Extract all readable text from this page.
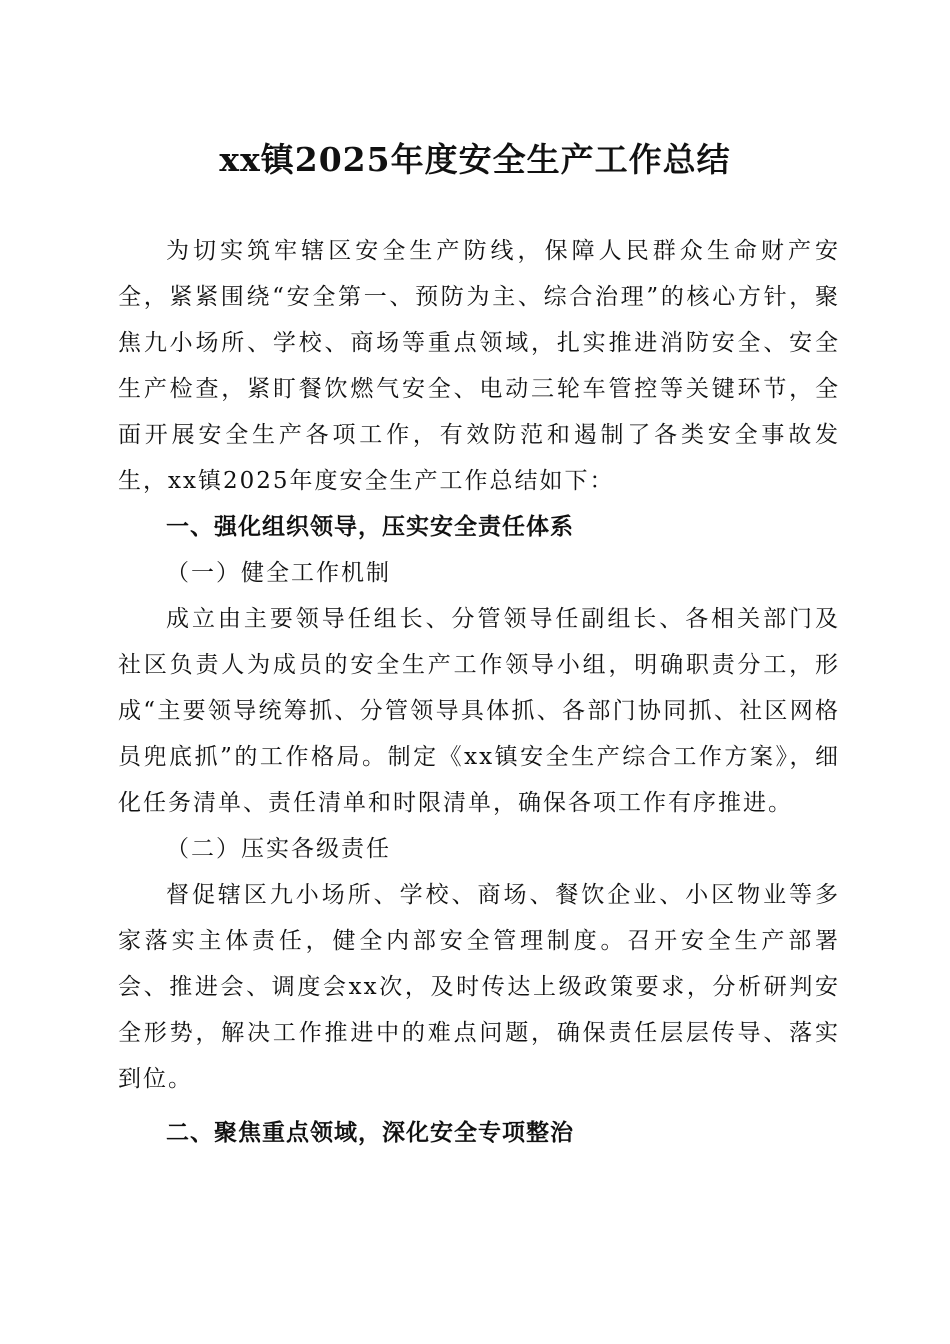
xx镇2025年度安全生产工作总结

为切实筑牢辖区安全生产防线，保障人民群众生命财产安全，紧紧围绕“安全第一、预防为主、综合治理”的核心方针，聚焦九小场所、学校、商场等重点领域，扎实推进消防安全、安全生产检查，紧盯餐饮燃气安全、电动三轮车管控等关键环节，全面开展安全生产各项工作，有效防范和遏制了各类安全事故发生，xx镇2025年度安全生产工作总结如下：

一、强化组织领导，压实安全责任体系

（一）健全工作机制

成立由主要领导任组长、分管领导任副组长、各相关部门及社区负责人为成员的安全生产工作领导小组，明确职责分工，形成“主要领导统筹抓、分管领导具体抓、各部门协同抓、社区网格员兜底抓”的工作格局。制定《xx镇安全生产综合工作方案》，细化任务清单、责任清单和时限清单，确保各项工作有序推进。

（二）压实各级责任

督促辖区九小场所、学校、商场、餐饮企业、小区物业等多家落实主体责任，健全内部安全管理制度。召开安全生产部署会、推进会、调度会xx次，及时传达上级政策要求，分析研判安全形势，解决工作推进中的难点问题，确保责任层层传导、落实到位。

二、聚焦重点领域，深化安全专项整治
